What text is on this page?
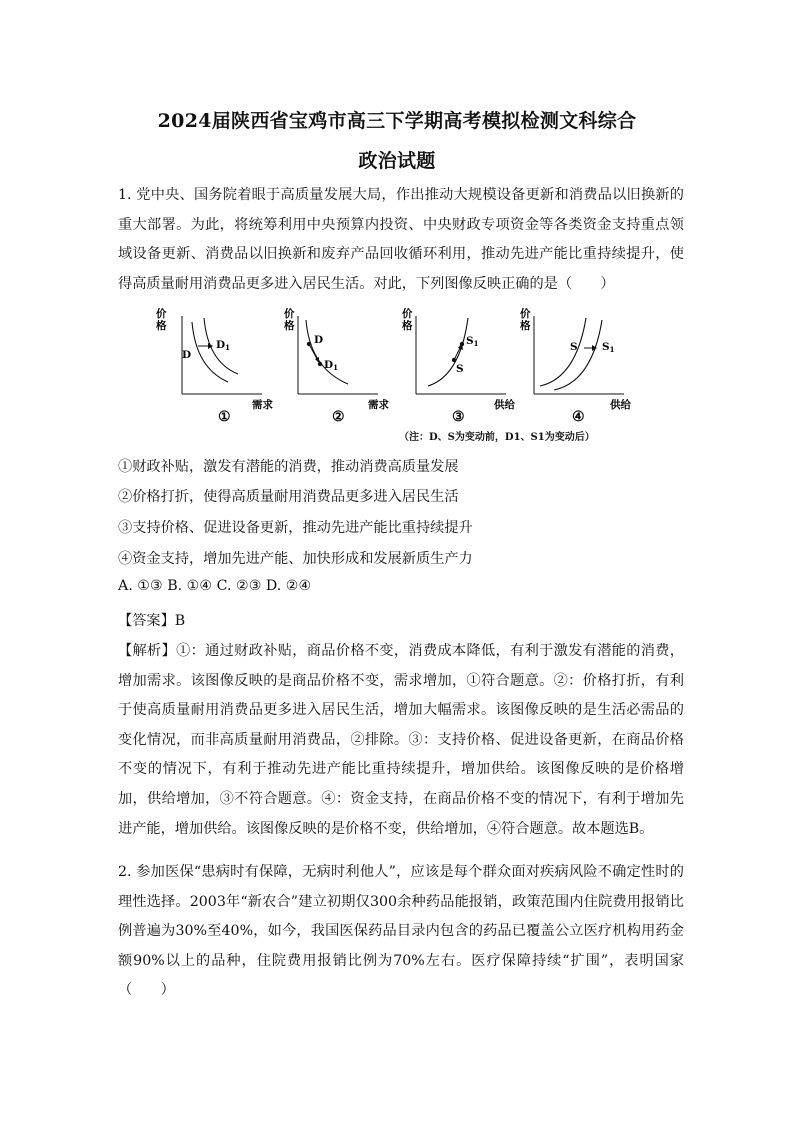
2024届陕西省宝鸡市高三下学期高考模拟检测文科综合
政治试题
1. 党中央、国务院着眼于高质量发展大局，作出推动大规模设备更新和消费品以旧换新的重大部署。为此，将统筹利用中央预算内投资、中央财政专项资金等各类资金支持重点领域设备更新、消费品以旧换新和废弃产品回收循环利用，推动先进产能比重持续提升，使得高质量耐用消费品更多进入居民生活。对此，下列图像反映正确的是（　　）
价
格
D
D1
需求
①
价
格
D
D1
需求
②
价
格
S1
S
供给
③
价
格
S S1
供给
④
（注：D、S为变动前，D1、S1为变动后）
①财政补贴，激发有潜能的消费，推动消费高质量发展
②价格打折，使得高质量耐用消费品更多进入居民生活
③支持价格、促进设备更新，推动先进产能比重持续提升
④资金支持，增加先进产能、加快形成和发展新质生产力
A. ①③ B. ①④ C. ②③ D. ②④
【答案】B
【解析】①：通过财政补贴，商品价格不变，消费成本降低，有利于激发有潜能的消费，增加需求。该图像反映的是商品价格不变，需求增加，①符合题意。②：价格打折，有利于使高质量耐用消费品更多进入居民生活，增加大幅需求。该图像反映的是生活必需品的变化情况，而非高质量耐用消费品，②排除。③：支持价格、促进设备更新，在商品价格不变的情况下，有利于推动先进产能比重持续提升，增加供给。该图像反映的是价格增加，供给增加，③不符合题意。④：资金支持，在商品价格不变的情况下，有利于增加先进产能，增加供给。该图像反映的是价格不变，供给增加，④符合题意。故本题选B。
2. 参加医保“患病时有保障，无病时利他人”，应该是每个群众面对疾病风险不确定性时的理性选择。2003年“新农合”建立初期仅300余种药品能报销，政策范围内住院费用报销比例普遍为30%至40%，如今，我国医保药品目录内包含的药品已覆盖公立医疗机构用药金额90%以上的品种，住院费用报销比例为70%左右。医疗保障持续“扩围”，表明国家（　　）
